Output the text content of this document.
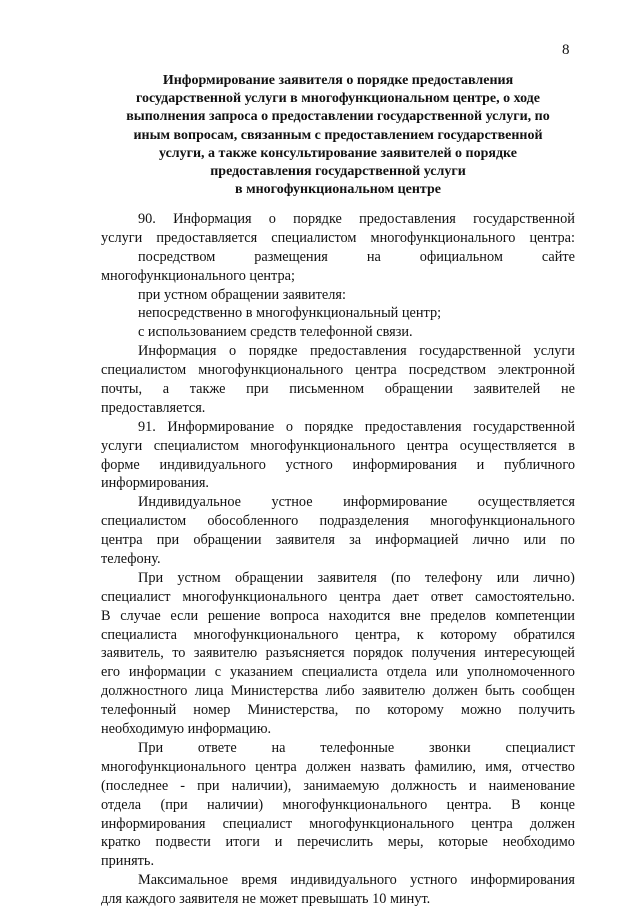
8
Информирование заявителя о порядке предоставления
государственной услуги в многофункциональном центре, о ходе
выполнения запроса о предоставлении государственной услуги, по
иным вопросам, связанным с предоставлением государственной
услуги, а также консультирование заявителей о порядке
предоставления государственной услуги
в многофункциональном центре
90. Информация о порядке предоставления государственной
услуги предоставляется специалистом многофункционального центра:
посредством	размещения	на	официальном	сайте
многофункционального центра;
при устном обращении заявителя:
непосредственно в многофункциональный центр;
с использованием средств телефонной связи.
Информация о порядке предоставления государственной услуги
специалистом многофункционального центра посредством электронной
почты, а также при письменном обращении заявителей не
предоставляется.
91. Информирование о порядке предоставления государственной
услуги специалистом многофункционального центра осуществляется в
форме индивидуального устного информирования и публичного
информирования.
Индивидуальное устное информирование осуществляется
специалистом обособленного подразделения многофункционального
центра при обращении заявителя за информацией лично или по
телефону.
При устном обращении заявителя (по телефону или лично)
специалист многофункционального центра дает ответ самостоятельно.
В случае если решение вопроса находится вне пределов компетенции
специалиста многофункционального центра, к которому обратился
заявитель, то заявителю разъясняется порядок получения интересующей
его информации с указанием специалиста отдела или уполномоченного
должностного лица Министерства либо заявителю должен быть сообщен
телефонный номер Министерства, по которому можно получить
необходимую информацию.
При ответе на телефонные звонки специалист
многофункционального центра должен назвать фамилию, имя, отчество
(последнее - при наличии), занимаемую должность и наименование
отдела (при наличии) многофункционального центра. В конце
информирования специалист многофункционального центра должен
кратко подвести итоги и перечислить меры, которые необходимо
принять.
Максимальное время индивидуального устного информирования
для каждого заявителя не может превышать 10 минут.
